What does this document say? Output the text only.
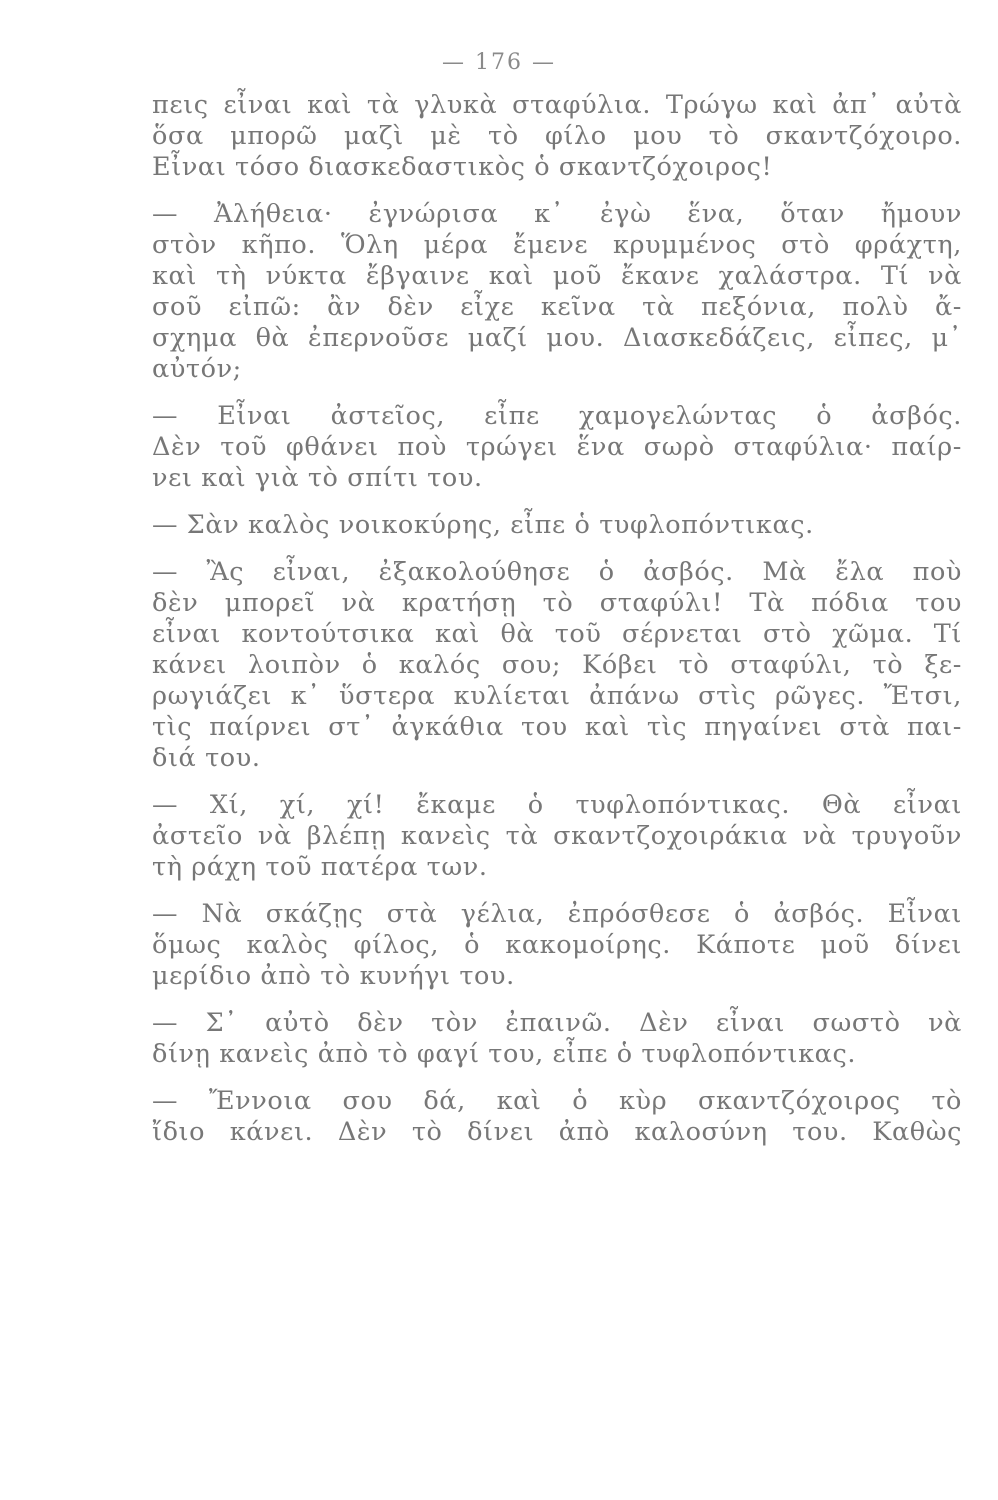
— 176 —
πεις εἶναι καὶ τὰ γλυκὰ σταφύλια. Τρώγω καὶ ἀπ᾽ αὐτὰ
ὅσα μπορῶ μαζὶ μὲ τὸ φίλο μου τὸ σκαντζόχοιρο.
Εἶναι τόσο διασκεδαστικὸς ὁ σκαντζόχοιρος!
— Ἀλήθεια· ἐγνώρισα κ᾽ ἐγὼ ἕνα, ὅταν ἤμουν
στὸν κῆπο. Ὅλη μέρα ἔμενε κρυμμένος στὸ φράχτη,
καὶ τὴ νύκτα ἔβγαινε καὶ μοῦ ἔκανε χαλάστρα. Τί νὰ
σοῦ εἰπῶ: ἂν δὲν εἶχε κεῖνα τὰ πεξόνια, πολὺ ἄ-
σχημα θὰ ἐπερνοῦσε μαζί μου. Διασκεδάζεις, εἶπες, μ᾽
αὐτόν;
— Εἶναι ἀστεῖος, εἶπε χαμογελώντας ὁ ἀσβός.
Δὲν τοῦ φθάνει ποὺ τρώγει ἕνα σωρὸ σταφύλια· παίρ-
νει καὶ γιὰ τὸ σπίτι του.
— Σὰν καλὸς νοικοκύρης, εἶπε ὁ τυφλοπόντικας.
— Ἂς εἶναι, ἐξακολούθησε ὁ ἀσβός. Μὰ ἔλα ποὺ
δὲν μπορεῖ νὰ κρατήσῃ τὸ σταφύλι! Τὰ πόδια του
εἶναι κοντούτσικα καὶ θὰ τοῦ σέρνεται στὸ χῶμα. Τί
κάνει λοιπὸν ὁ καλός σου; Κόβει τὸ σταφύλι, τὸ ξε-
ρωγιάζει κ᾽ ὕστερα κυλίεται ἀπάνω στὶς ρῶγες. Ἔτσι,
τὶς παίρνει στ᾽ ἀγκάθια του καὶ τὶς πηγαίνει στὰ παι-
διά του.
— Χί, χί, χί! ἔκαμε ὁ τυφλοπόντικας. Θὰ εἶναι
ἀστεῖο νὰ βλέπῃ κανεὶς τὰ σκαντζοχοιράκια νὰ τρυγοῦν
τὴ ράχη τοῦ πατέρα των.
— Νὰ σκάζῃς στὰ γέλια, ἐπρόσθεσε ὁ ἀσβός. Εἶναι
ὅμως καλὸς φίλος, ὁ κακομοίρης. Κάποτε μοῦ δίνει
μερίδιο ἀπὸ τὸ κυνήγι του.
— Σ᾽ αὐτὸ δὲν τὸν ἐπαινῶ. Δὲν εἶναι σωστὸ νὰ
δίνῃ κανεὶς ἀπὸ τὸ φαγί του, εἶπε ὁ τυφλοπόντικας.
— Ἔννοια σου δά, καὶ ὁ κὺρ σκαντζόχοιρος τὸ
ἴδιο κάνει. Δὲν τὸ δίνει ἀπὸ καλοσύνη του. Καθὼς
